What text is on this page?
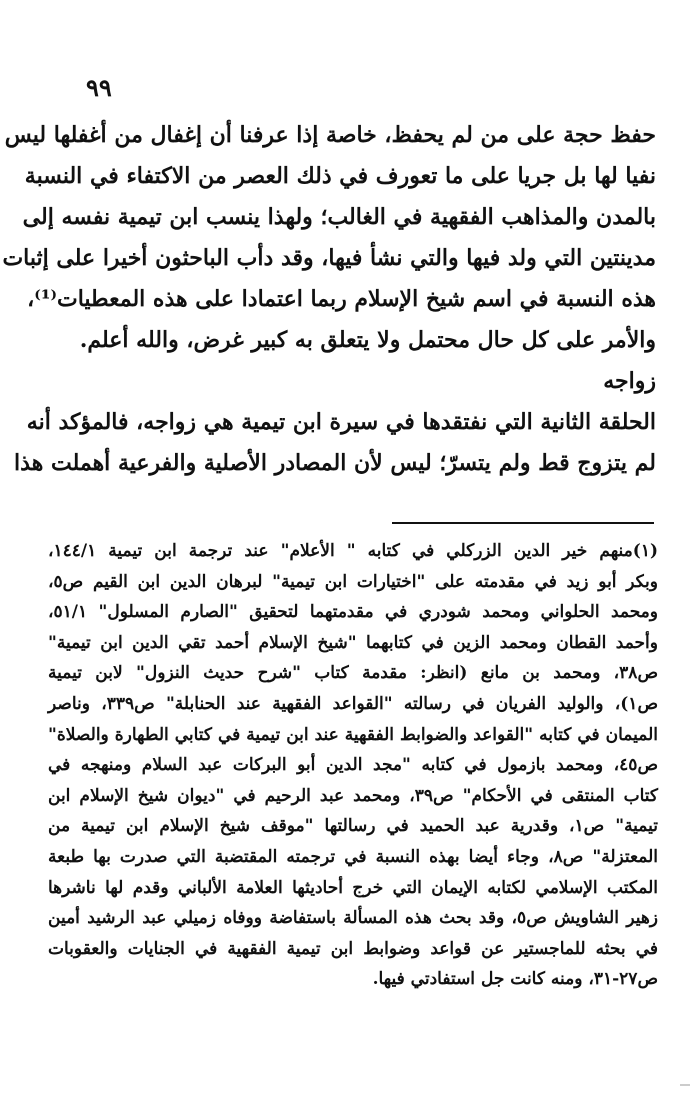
٩٩
حفظ حجة على من لم يحفظ، خاصة إذا عرفنا أن إغفال من أغفلها ليس
نفيا لها بل جريا على ما تعورف في ذلك العصر من الاكتفاء في النسبة
بالمدن والمذاهب الفقهية في الغالب؛ ولهذا ينسب ابن تيمية نفسه إلى
مدينتين التي ولد فيها والتي نشأ فيها، وقد دأب الباحثون أخيرا على إثبات
هذه النسبة في اسم شيخ الإسلام ربما اعتمادا على هذه المعطيات⁽¹⁾،
والأمر على كل حال محتمل ولا يتعلق به كبير غرض، والله أعلم.
زواجه
الحلقة الثانية التي نفتقدها في سيرة ابن تيمية هي زواجه، فالمؤكد أنه
لم يتزوج قط ولم يتسرّ؛ ليس لأن المصادر الأصلية والفرعية أهملت هذا
(١)منهم خير الدين الزركلي في كتابه " الأعلام" عند ترجمة ابن تيمية ١٤٤/١،
وبكر أبو زيد في مقدمته على "اختيارات ابن تيمية" لبرهان الدين ابن القيم ص٥،
ومحمد الحلواني ومحمد شودري في مقدمتهما لتحقيق "الصارم المسلول" ٥١/١،
وأحمد القطان ومحمد الزين في كتابهما "شيخ الإسلام أحمد تقي الدين ابن تيمية"
ص٣٨، ومحمد بن مانع (انظر: مقدمة كتاب "شرح حديث النزول" لابن تيمية
ص١)، والوليد الفريان في رسالته "القواعد الفقهية عند الحنابلة" ص٣٣٩، وناصر
الميمان في كتابه "القواعد والضوابط الفقهية عند ابن تيمية في كتابي الطهارة والصلاة"
ص٤٥، ومحمد بازمول في كتابه "مجد الدين أبو البركات عبد السلام ومنهجه في
كتاب المنتقى في الأحكام" ص٣٩، ومحمد عبد الرحيم في "ديوان شيخ الإسلام ابن
تيمية" ص١، وقدرية عبد الحميد في رسالتها "موقف شيخ الإسلام ابن تيمية من
المعتزلة" ص٨، وجاء أيضا بهذه النسبة في ترجمته المقتضبة التي صدرت بها طبعة
المكتب الإسلامي لكتابه الإيمان التي خرج أحاديثها العلامة الألباني وقدم لها ناشرها
زهير الشاويش ص٥، وقد بحث هذه المسألة باستفاضة ووفاه زميلي عبد الرشيد أمين
في بحثه للماجستير عن قواعد وضوابط ابن تيمية الفقهية في الجنايات والعقوبات
ص٢٧-٣١، ومنه كانت جل استفادتي فيها.
